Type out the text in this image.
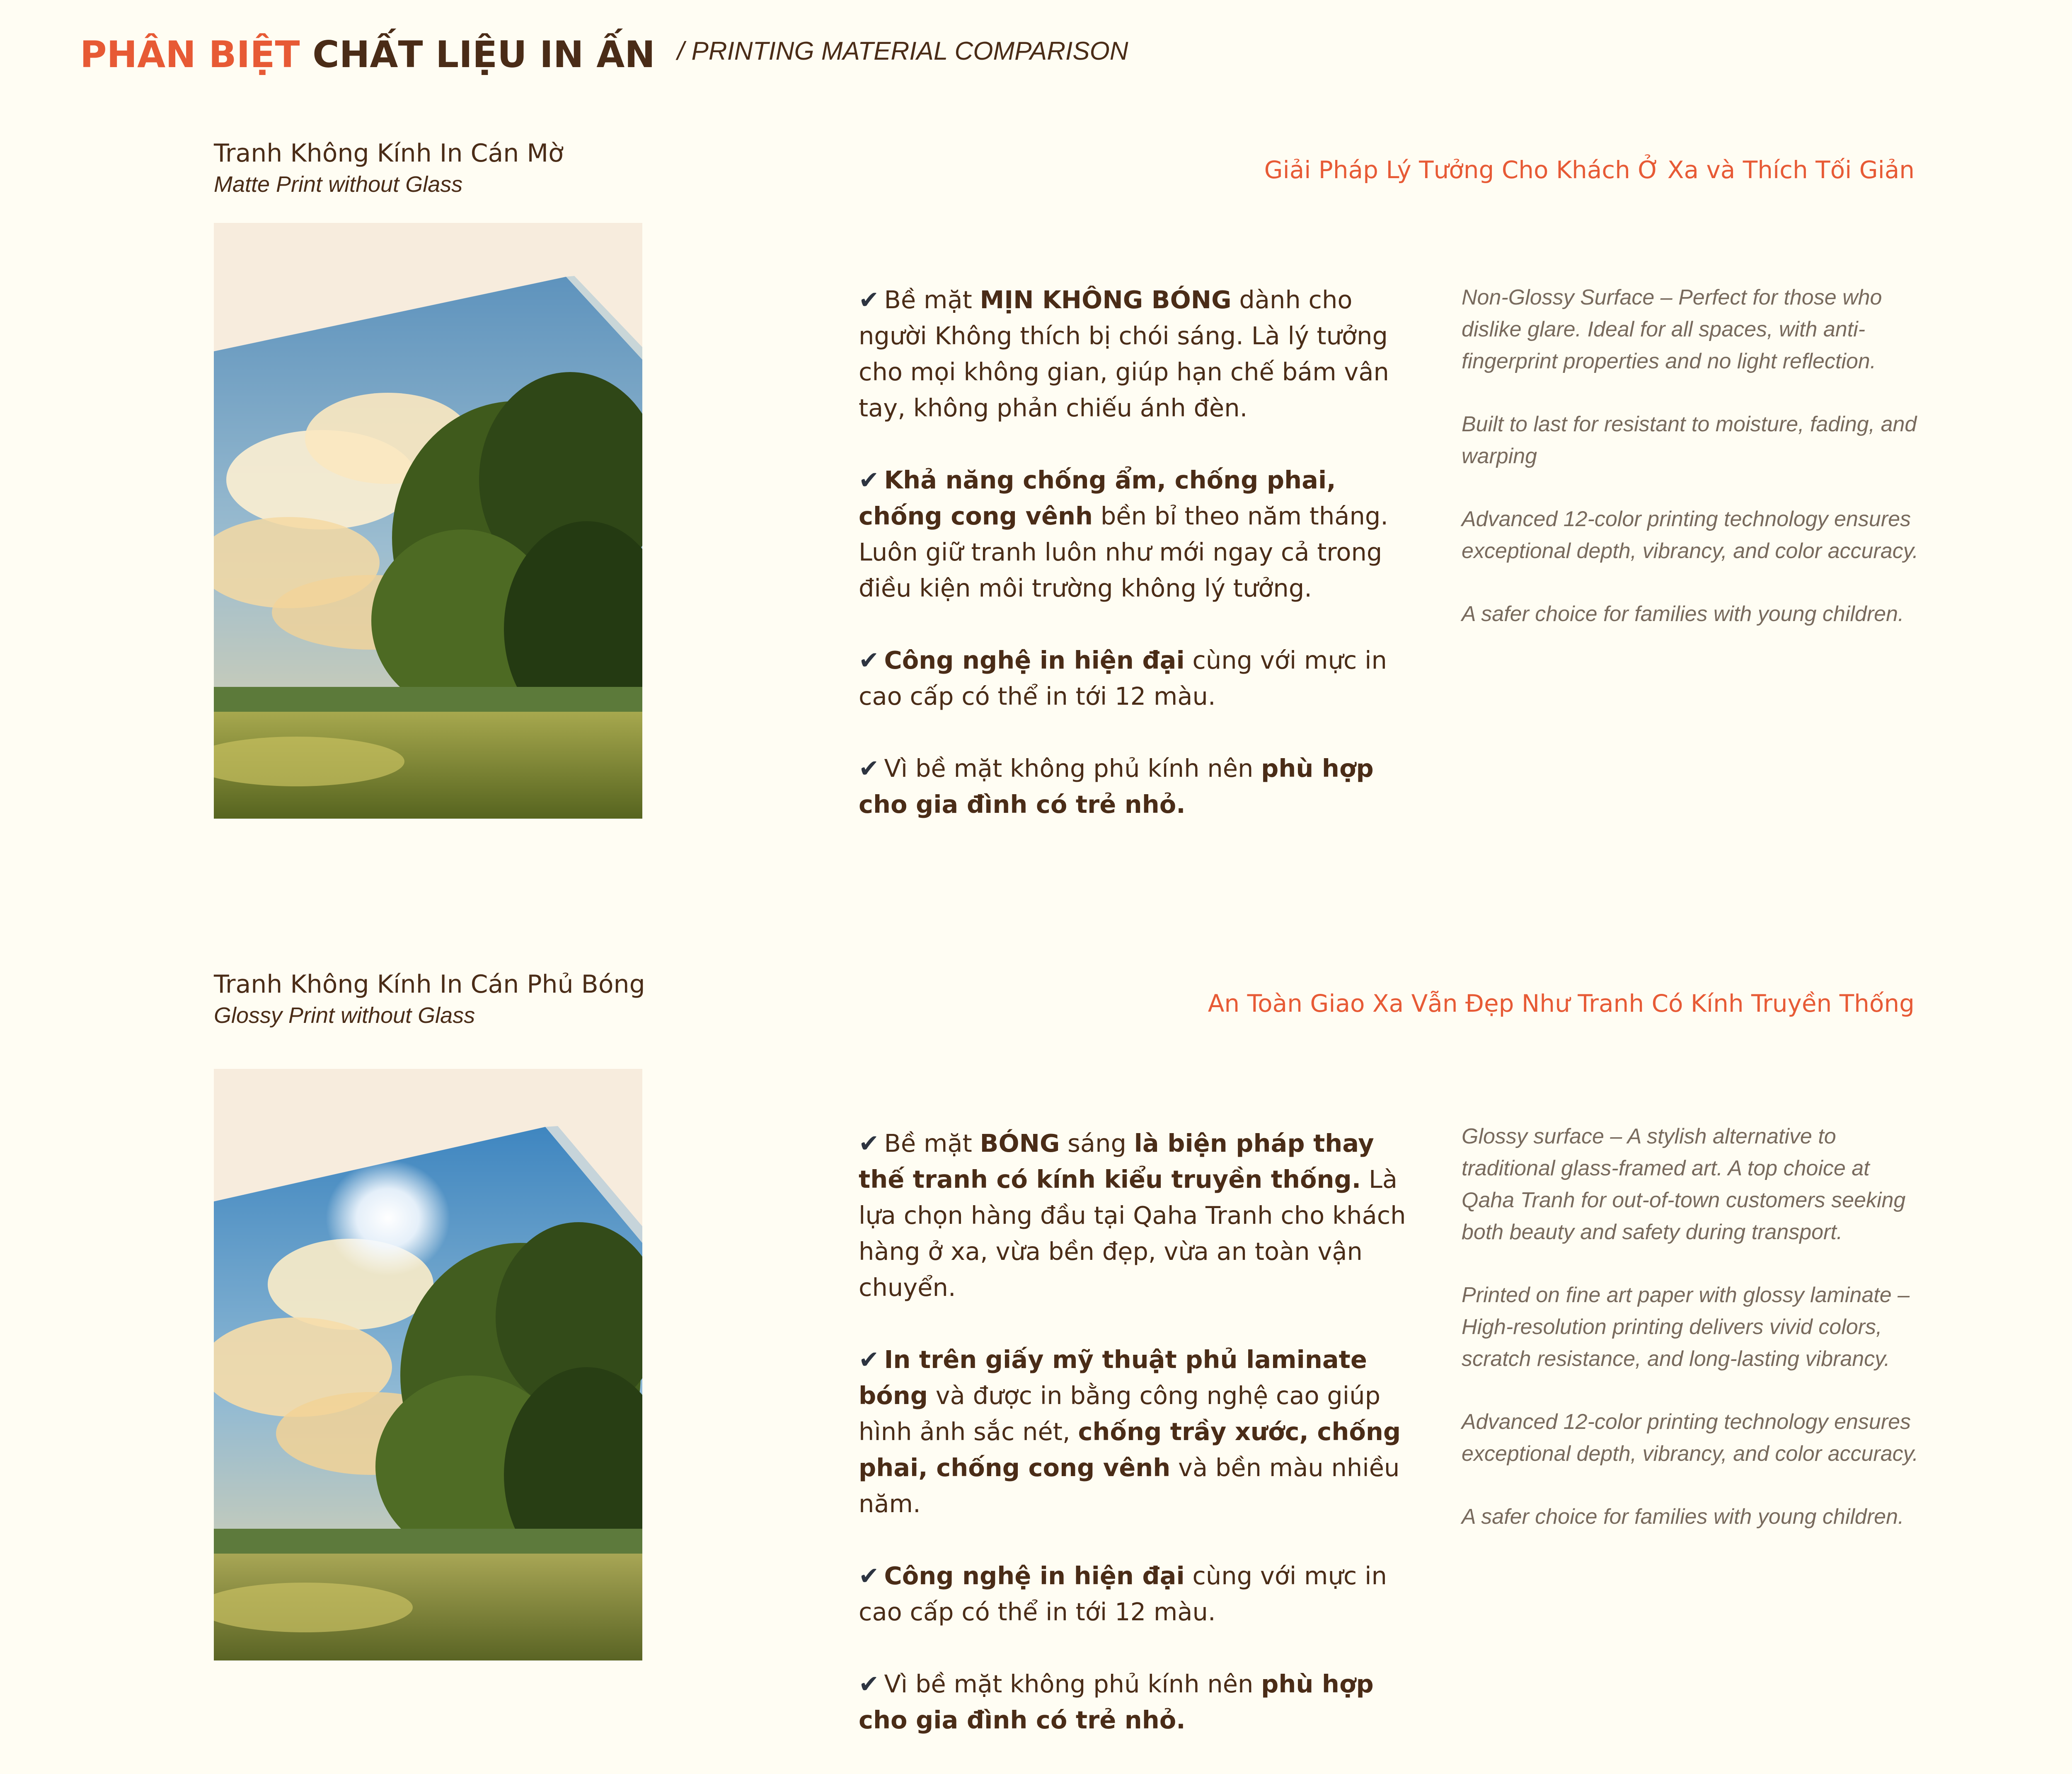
PHÂN BIỆT CHẤT LIỆU IN ẤN / PRINTING MATERIAL COMPARISON
Tranh Không Kính In Cán Mờ
Matte Print without Glass
Giải Pháp Lý Tưởng Cho Khách Ở Xa và Thích Tối Giản

✔ Bề mặt MỊN KHÔNG BÓNG dành cho người Không thích bị chói sáng. Là lý tưởng cho mọi không gian, giúp hạn chế bám vân tay, không phản chiếu ánh đèn.

✔ Khả năng chống ẩm, chống phai, chống cong vênh bền bỉ theo năm tháng. Luôn giữ tranh luôn như mới ngay cả trong điều kiện môi trường không lý tưởng.

✔ Công nghệ in hiện đại cùng với mực in cao cấp có thể in tới 12 màu.

✔ Vì bề mặt không phủ kính nên phù hợp cho gia đình có trẻ nhỏ.

Non-Glossy Surface – Perfect for those who dislike glare. Ideal for all spaces, with anti-fingerprint properties and no light reflection.

Built to last for resistant to moisture, fading, and warping

Advanced 12-color printing technology ensures exceptional depth, vibrancy, and color accuracy.

A safer choice for families with young children.

Tranh Không Kính In Cán Phủ Bóng
Glossy Print without Glass	An Toàn Giao Xa Vẫn Đẹp Như Tranh Có Kính Truyền Thống

✔ Bề mặt BÓNG sáng là biện pháp thay thế tranh có kính kiểu truyền thống. Là lựa chọn hàng đầu tại Qaha Tranh cho khách hàng ở xa, vừa bền đẹp, vừa an toàn vận chuyển.

✔ In trên giấy mỹ thuật phủ laminate bóng và được in bằng công nghệ cao giúp hình ảnh sắc nét, chống trầy xước, chống phai, chống cong vênh và bền màu nhiều năm.

✔ Công nghệ in hiện đại cùng với mực in cao cấp có thể in tới 12 màu.

✔ Vì bề mặt không phủ kính nên phù hợp cho gia đình có trẻ nhỏ.

Glossy surface – A stylish alternative to traditional glass-framed art. A top choice at Qaha Tranh for out-of-town customers seeking both beauty and safety during transport.

Printed on fine art paper with glossy laminate – High-resolution printing delivers vivid colors, scratch resistance, and long-lasting vibrancy.

Advanced 12-color printing technology ensures exceptional depth, vibrancy, and color accuracy.

A safer choice for families with young children.
